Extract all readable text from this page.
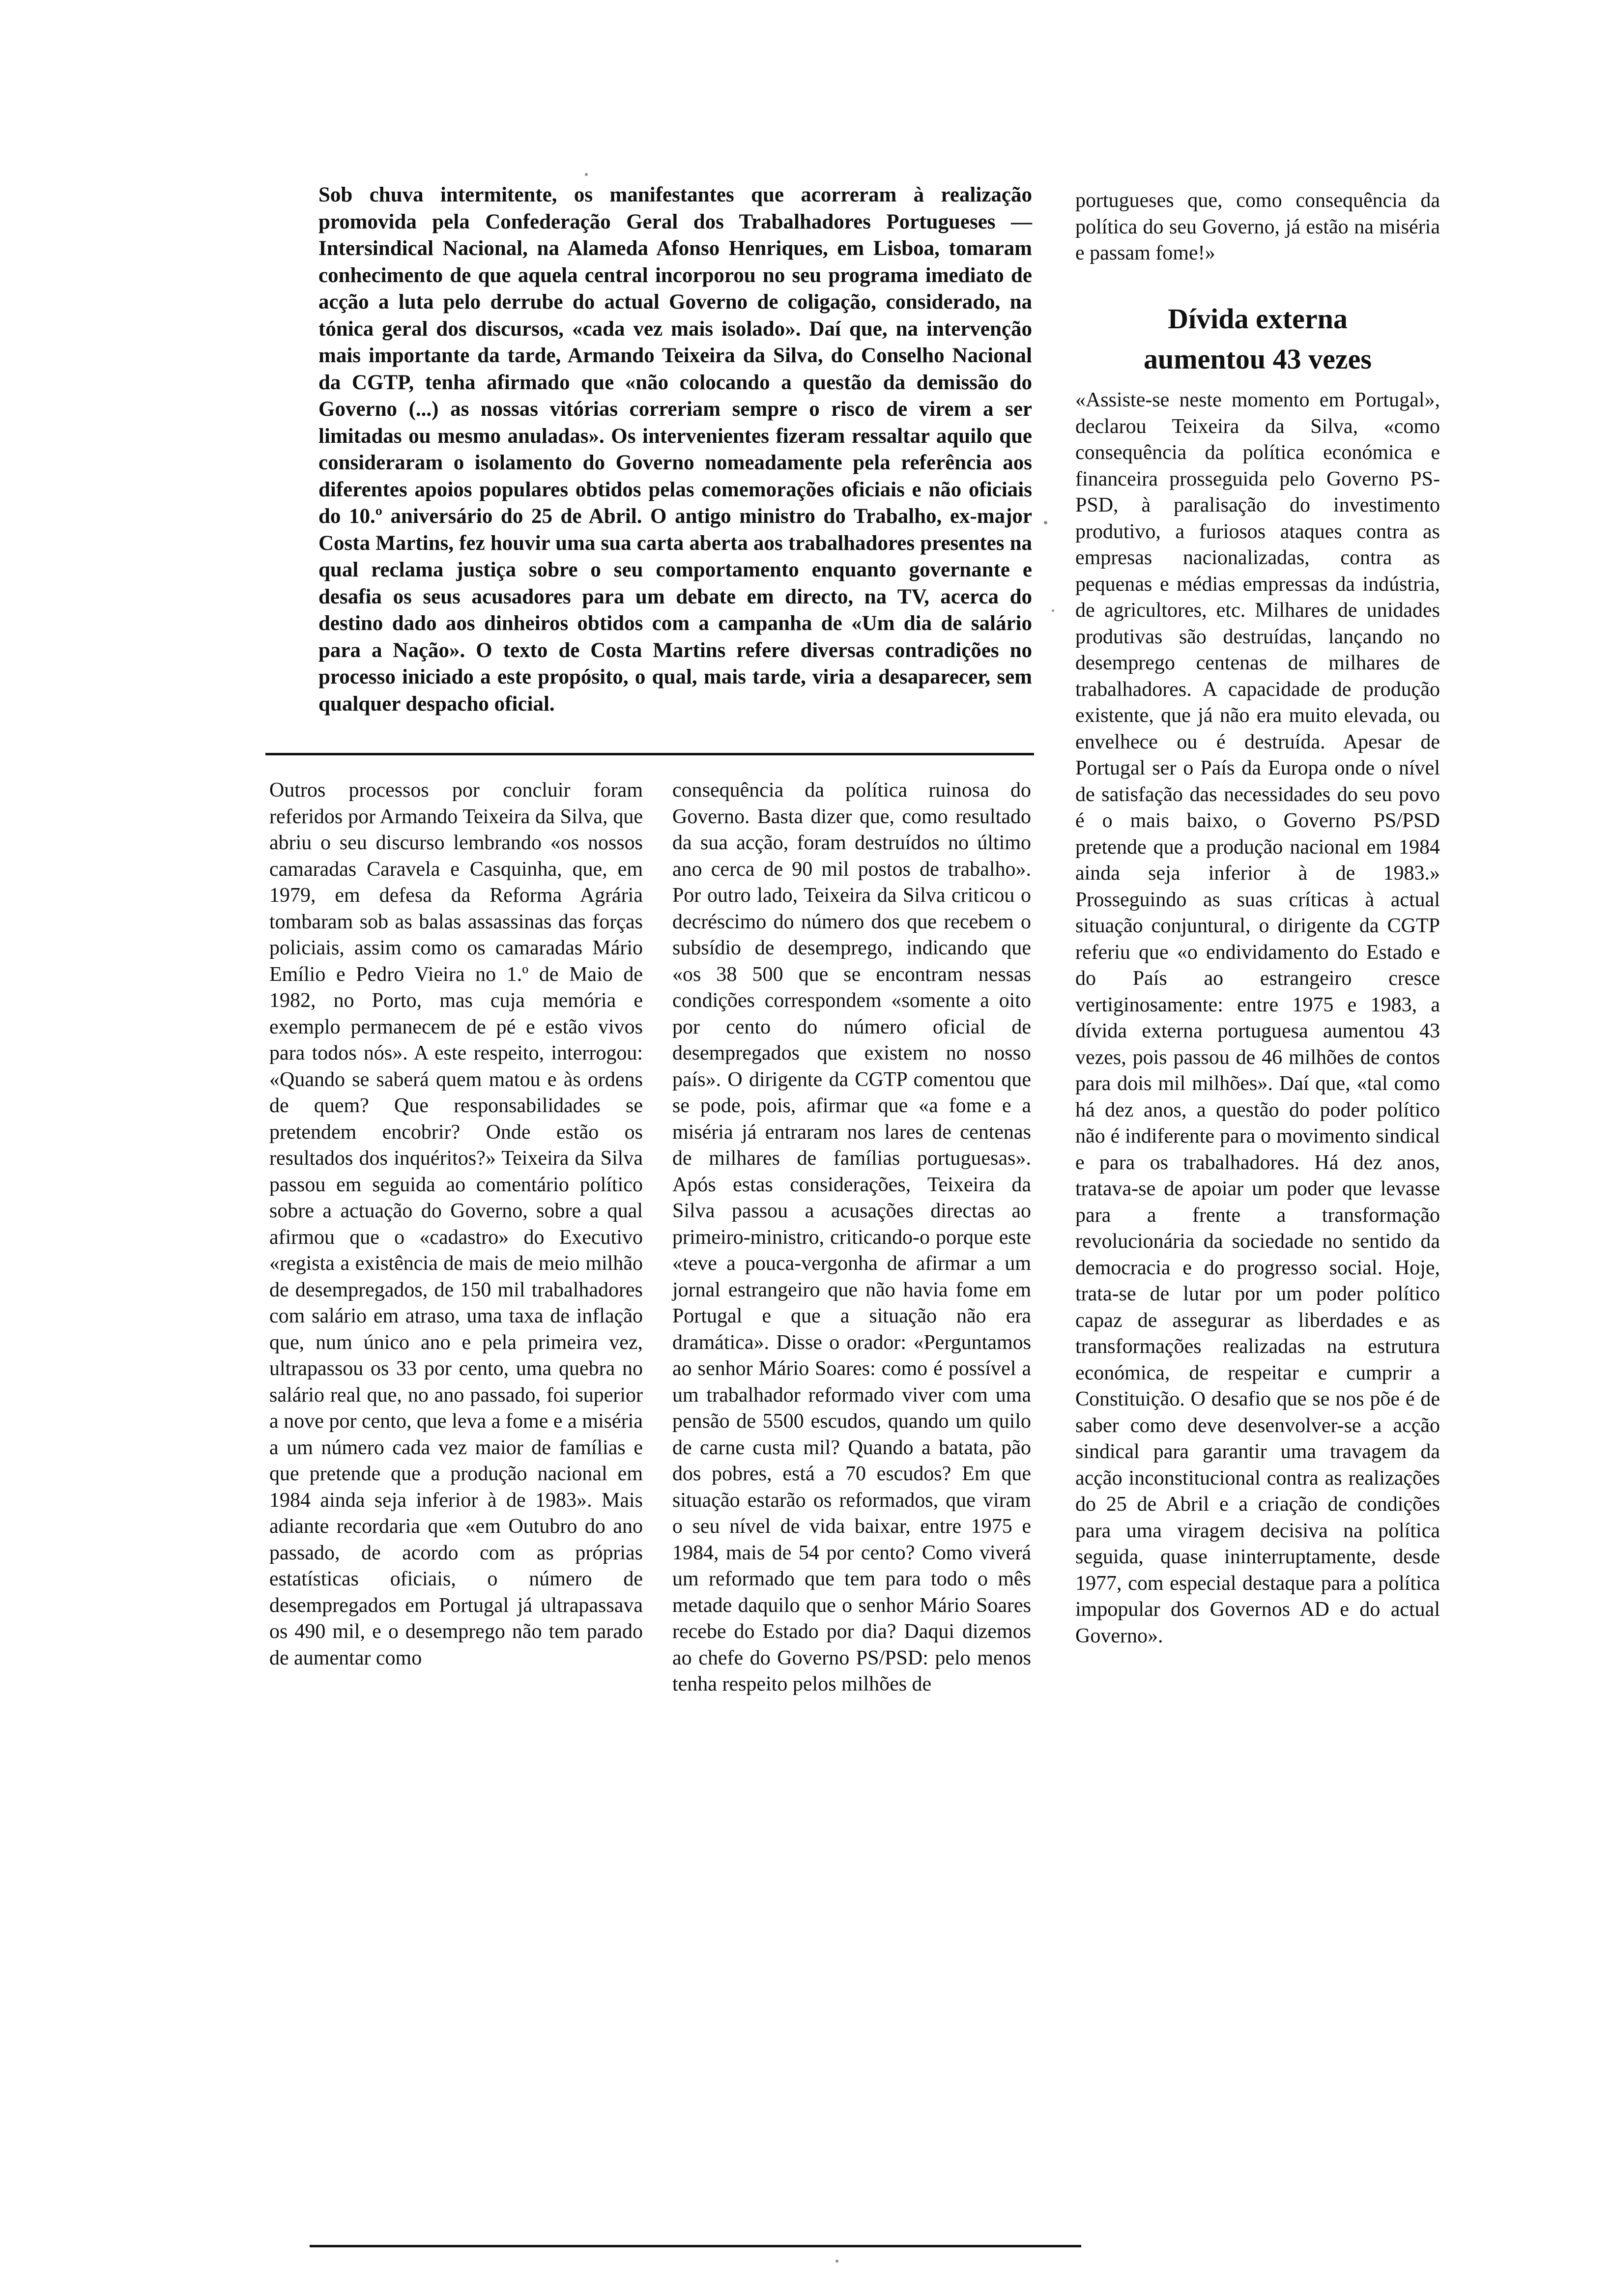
Sob chuva intermitente, os manifestantes que acorreram à realização promovida pela Confederação Geral dos Trabalhadores Portugueses — Intersindical Nacional, na Alameda Afonso Henriques, em Lisboa, tomaram conhecimento de que aquela central incorporou no seu programa imediato de acção a luta pelo derrube do actual Governo de coligação, considerado, na tónica geral dos discursos, «cada vez mais isolado». Daí que, na intervenção mais importante da tarde, Armando Teixeira da Silva, do Conselho Nacional da CGTP, tenha afirmado que «não colocando a questão da demissão do Governo (...) as nossas vitórias correriam sempre o risco de virem a ser limitadas ou mesmo anuladas». Os intervenientes fizeram ressaltar aquilo que consideraram o isolamento do Governo nomeadamente pela referência aos diferentes apoios populares obtidos pelas comemorações oficiais e não oficiais do 10.º aniversário do 25 de Abril. O antigo ministro do Trabalho, ex-major Costa Martins, fez houvir uma sua carta aberta aos trabalhadores presentes na qual reclama justiça sobre o seu comportamento enquanto governante e desafia os seus acusadores para um debate em directo, na TV, acerca do destino dado aos dinheiros obtidos com a campanha de «Um dia de salário para a Nação». O texto de Costa Martins refere diversas contradições no processo iniciado a este propósito, o qual, mais tarde, viria a desaparecer, sem qualquer despacho oficial.

Outros processos por concluir foram referidos por Armando Teixeira da Silva, que abriu o seu discurso lembrando «os nossos camaradas Caravela e Casquinha, que, em 1979, em defesa da Reforma Agrária tombaram sob as balas assassinas das forças policiais, assim como os camaradas Mário Emílio e Pedro Vieira no 1.º de Maio de 1982, no Porto, mas cuja memória e exemplo permanecem de pé e estão vivos para todos nós». A este respeito, interrogou: «Quando se saberá quem matou e às ordens de quem? Que responsabilidades se pretendem encobrir? Onde estão os resultados dos inquéritos?» Teixeira da Silva passou em seguida ao comentário político sobre a actuação do Governo, sobre a qual afirmou que o «cadastro» do Executivo «regista a existência de mais de meio milhão de desempregados, de 150 mil trabalhadores com salário em atraso, uma taxa de inflação que, num único ano e pela primeira vez, ultrapassou os 33 por cento, uma quebra no salário real que, no ano passado, foi superior a nove por cento, que leva a fome e a miséria a um número cada vez maior de famílias e que pretende que a produção nacional em 1984 ainda seja inferior à de 1983». Mais adiante recordaria que «em Outubro do ano passado, de acordo com as próprias estatísticas oficiais, o número de desempregados em Portugal já ultrapassava os 490 mil, e o desemprego não tem parado de aumentar como

consequência da política ruinosa do Governo. Basta dizer que, como resultado da sua acção, foram destruídos no último ano cerca de 90 mil postos de trabalho». Por outro lado, Teixeira da Silva criticou o decréscimo do número dos que recebem o subsídio de desemprego, indicando que «os 38 500 que se encontram nessas condições correspondem «somente a oito por cento do número oficial de desempregados que existem no nosso país». O dirigente da CGTP comentou que se pode, pois, afirmar que «a fome e a miséria já entraram nos lares de centenas de milhares de famílias portuguesas». Após estas considerações, Teixeira da Silva passou a acusações directas ao primeiro-ministro, criticando-o porque este «teve a pouca-vergonha de afirmar a um jornal estrangeiro que não havia fome em Portugal e que a situação não era dramática». Disse o orador: «Perguntamos ao senhor Mário Soares: como é possível a um trabalhador reformado viver com uma pensão de 5500 escudos, quando um quilo de carne custa mil? Quando a batata, pão dos pobres, está a 70 escudos? Em que situação estarão os reformados, que viram o seu nível de vida baixar, entre 1975 e 1984, mais de 54 por cento? Como viverá um reformado que tem para todo o mês metade daquilo que o senhor Mário Soares recebe do Estado por dia? Daqui dizemos ao chefe do Governo PS/PSD: pelo menos tenha respeito pelos milhões de

portugueses que, como consequência da política do seu Governo, já estão na miséria e passam fome!»

Dívida externa
aumentou 43 vezes

«Assiste-se neste momento em Portugal», declarou Teixeira da Silva, «como consequência da política económica e financeira prosseguida pelo Governo PS-PSD, à paralisação do investimento produtivo, a furiosos ataques contra as empresas nacionalizadas, contra as pequenas e médias empressas da indústria, de agricultores, etc. Milhares de unidades produtivas são destruídas, lançando no desemprego centenas de milhares de trabalhadores. A capacidade de produção existente, que já não era muito elevada, ou envelhece ou é destruída. Apesar de Portugal ser o País da Europa onde o nível de satisfação das necessidades do seu povo é o mais baixo, o Governo PS/PSD pretende que a produção nacional em 1984 ainda seja inferior à de 1983.» Prosseguindo as suas críticas à actual situação conjuntural, o dirigente da CGTP referiu que «o endividamento do Estado e do País ao estrangeiro cresce vertiginosamente: entre 1975 e 1983, a dívida externa portuguesa aumentou 43 vezes, pois passou de 46 milhões de contos para dois mil milhões». Daí que, «tal como há dez anos, a questão do poder político não é indiferente para o movimento sindical e para os trabalhadores. Há dez anos, tratava-se de apoiar um poder que levasse para a frente a transformação revolucionária da sociedade no sentido da democracia e do progresso social. Hoje, trata-se de lutar por um poder político capaz de assegurar as liberdades e as transformações realizadas na estrutura económica, de respeitar e cumprir a Constituição. O desafio que se nos põe é de saber como deve desenvolver-se a acção sindical para garantir uma travagem da acção inconstitucional contra as realizações do 25 de Abril e a criação de condições para uma viragem decisiva na política seguida, quase ininterruptamente, desde 1977, com especial destaque para a política impopular dos Governos AD e do actual Governo».
